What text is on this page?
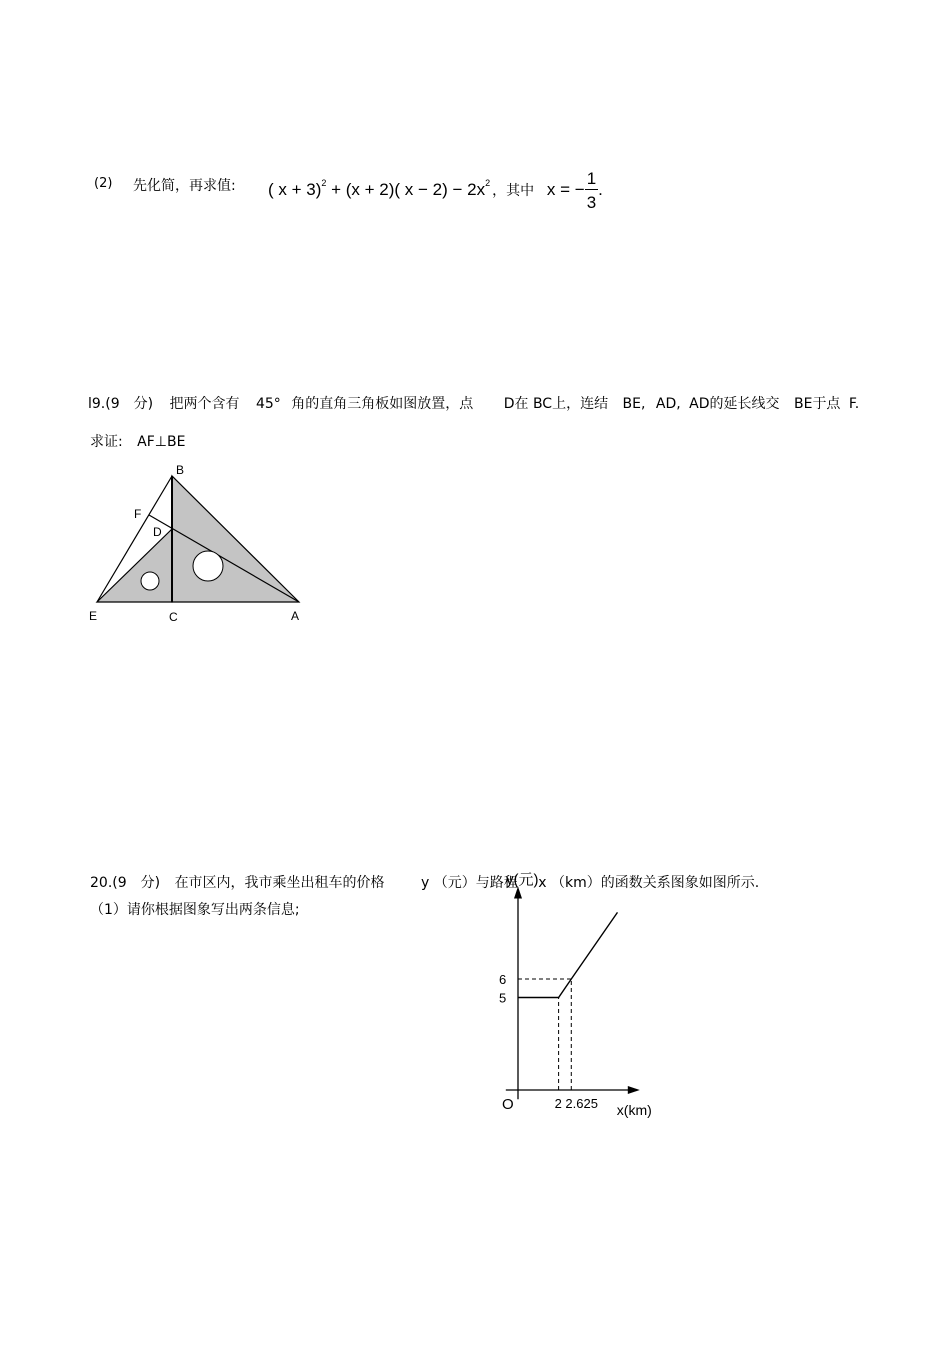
(2) 先化简，再求值: ( x + 3)$^2$ + (x + 2)( $x - 2) - 2x^2$ ，其中 x = − $\frac{1}{3}$ .
l9.(9　分) 把两个含有 45° 角的直角三角板如图放置，点 D在 BC上，连结 BE, AD, AD的延长线交 BE于点 F.
求证: AF⊥BE
B
F
D
E	C	A
20.(9　分) 在市区内，我市乘坐出租车的价格	y （元）与路程 x （km）的函数关系图象如图所示.
（1）请你根据图象写出两条信息;
y(元)
x(km)
O
6
5
2 2.625
